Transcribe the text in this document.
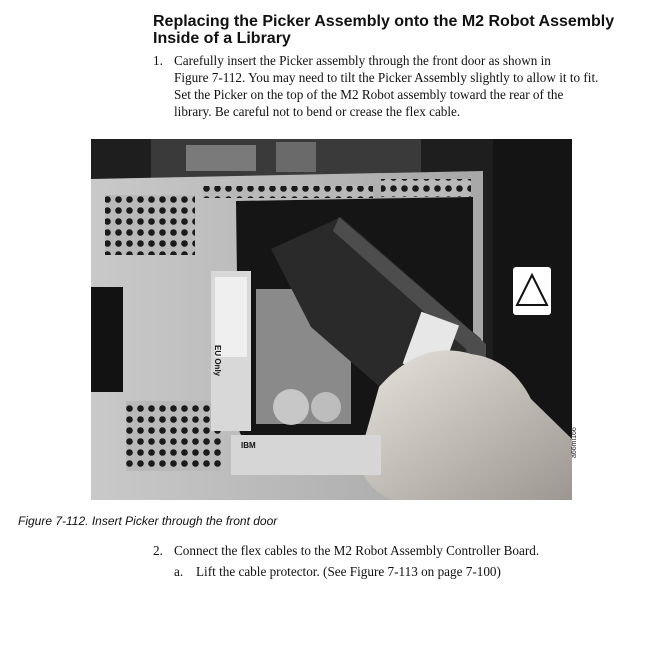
Replacing the Picker Assembly onto the M2 Robot Assembly
Inside of a Library
1. Carefully insert the Picker assembly through the front door as shown in
Figure 7-112. You may need to tilt the Picker Assembly slightly to allow it to fit.
Set the Picker on the top of the M2 Robot assembly toward the rear of the
library. Be careful not to bend or crease the flex cable.
EU Only
IBM	a66mi166
Figure 7-112. Insert Picker through the front door
2. Connect the flex cables to the M2 Robot Assembly Controller Board.
a. Lift the cable protector. (See Figure 7-113 on page 7-100)
